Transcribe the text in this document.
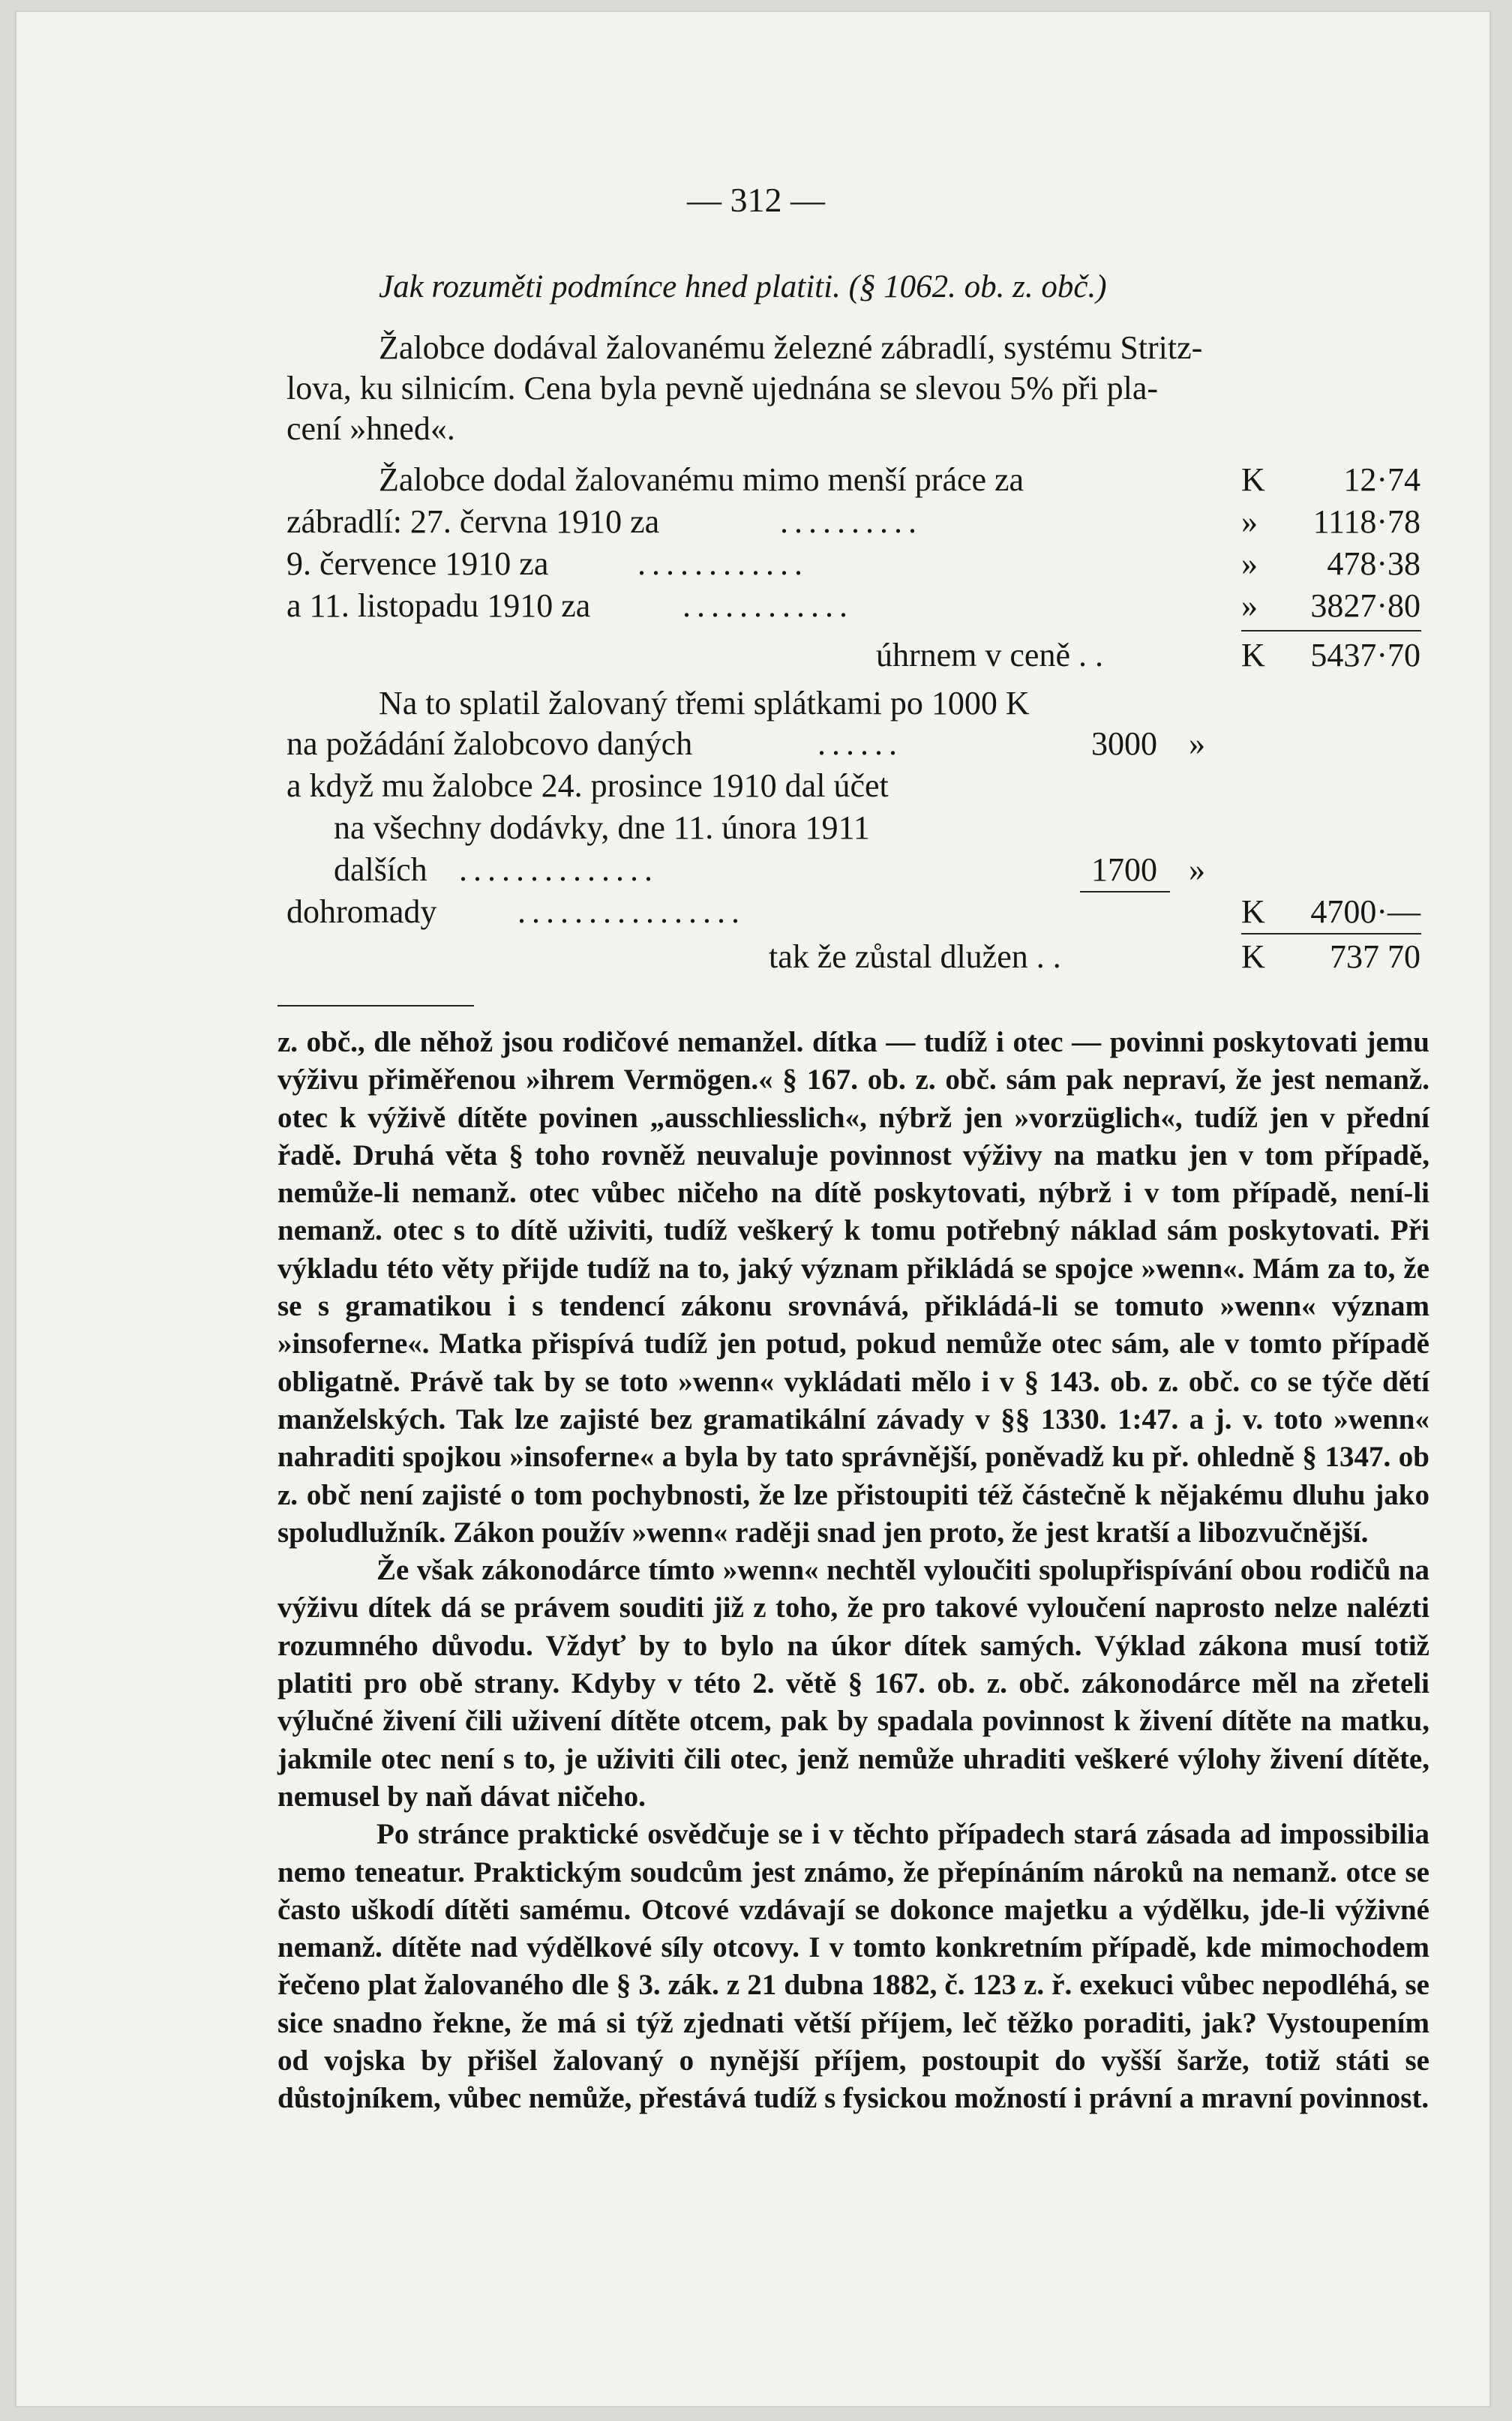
— 312 —
Jak rozuměti podmínce hned platiti. (§ 1062. ob. z. obč.)
Žalobce dodával žalovanému železné zábradlí, systému Stritz-
lova, ku silnicím. Cena byla pevně ujednána se slevou 5% při pla-
cení »hned«.
Žalobce dodal žalovanému mimo menší práce za	K	12·74
zábradlí: 27. června 1910 za	..........	»	1118·78
9. července 1910 za	............	»	478·38
a 11. listopadu 1910 za	............	»	3827·80
úhrnem v ceně . .	K	5437·70
Na to splatil žalovaný třemi splátkami po 1000 K
na požádání žalobcovo daných	......	3000 »
a když mu žalobce 24. prosince 1910 dal účet
na všechny dodávky, dne 11. února 1911
dalších ..............	1700 »
dohromady ................	K	4700·—
tak že zůstal dlužen . .	K	737 70

z. obč., dle něhož jsou rodičové nemanžel. dítka — tudíž i otec — povinni poskytovati jemu výživu přiměřenou »ihrem Vermögen.« § 167. ob. z. obč. sám pak nepraví, že jest nemanž. otec k výživě dítěte povinen „ausschliesslich«, nýbrž jen »vorzüglich«, tudíž jen v přední řadě. Druhá věta § toho rovněž neuvaluje povinnost výživy na matku jen v tom případě, nemůže-li nemanž. otec vůbec ničeho na dítě poskytovati, nýbrž i v tom případě, není-li nemanž. otec s to dítě uživiti, tudíž veškerý k tomu potřebný náklad sám poskytovati. Při výkladu této věty přijde tudíž na to, jaký význam přikládá se spojce »wenn«. Mám za to, že se s gramatikou i s tendencí zákonu srovnává, přikládá-li se tomuto »wenn« význam »insoferne«. Matka přispívá tudíž jen potud, pokud nemůže otec sám, ale v tomto případě obligatně. Právě tak by se toto »wenn« vykládati mělo i v § 143. ob. z. obč. co se týče dětí manželských. Tak lze zajisté bez gramatikální závady v §§ 1330. 1:47. a j. v. toto »wenn« nahraditi spojkou »insoferne« a byla by tato správnější, poněvadž ku př. ohledně § 1347. ob z. obč není zajisté o tom pochybnosti, že lze přistoupiti též částečně k nějakému dluhu jako spoludlužník. Zákon použív »wenn« raději snad jen proto, že jest kratší a libozvučnější.

Že však zákonodárce tímto »wenn« nechtěl vyloučiti spolupřispívání obou rodičů na výživu dítek dá se právem souditi již z toho, že pro takové vyloučení naprosto nelze nalézti rozumného důvodu. Vždyť by to bylo na úkor dítek samých. Výklad zákona musí totiž platiti pro obě strany. Kdyby v této 2. větě § 167. ob. z. obč. zákonodárce měl na zřeteli výlučné živení čili uživení dítěte otcem, pak by spadala povinnost k živení dítěte na matku, jakmile otec není s to, je uživiti čili otec, jenž nemůže uhraditi veškeré výlohy živení dítěte, nemusel by naň dávat ničeho.

Po stránce praktické osvědčuje se i v těchto případech stará zásada ad impossibilia nemo teneatur. Praktickým soudcům jest známo, že přepínáním nároků na nemanž. otce se často uškodí dítěti samému. Otcové vzdávají se dokonce majetku a výdělku, jde-li výživné nemanž. dítěte nad výdělkové síly otcovy. I v tomto konkretním případě, kde mimochodem řečeno plat žalovaného dle § 3. zák. z 21 dubna 1882, č. 123 z. ř. exekuci vůbec nepodléhá, se sice snadno řekne, že má si týž zjednati větší příjem, leč těžko poraditi, jak? Vystoupením od vojska by přišel žalovaný o nynější příjem, postoupit do vyšší šarže, totiž státi se důstojníkem, vůbec nemůže, přestává tudíž s fysickou možností i právní a mravní povinnost.
